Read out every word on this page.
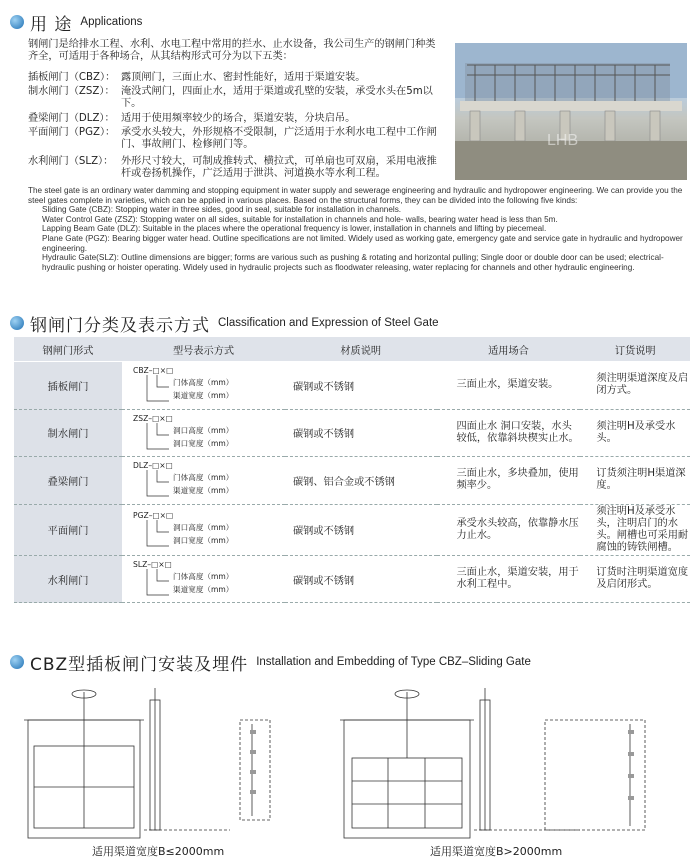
用 途 Applications

钢闸门是给排水工程、水利、水电工程中常用的拦水、止水设备，我公司生产的钢闸门种类齐全，可适用于各种场合，从其结构形式可分为以下五类：

插板闸门（CBZ）： 露顶闸门，三面止水、密封性能好，适用于渠道安装。
制水闸门（ZSZ）： 淹没式闸门，四面止水，适用于渠道或孔壁的安装，承受水头在5m以下。
叠梁闸门（DLZ）： 适用于使用频率较少的场合，渠道安装，分块启吊。
平面闸门（PGZ）： 承受水头较大，外形规格不受限制，广泛适用于水利水电工程中工作闸门、事故闸门、检修闸门等。
水利闸门（SLZ）： 外形尺寸较大，可制成推转式、横拉式，可单扇也可双扇，采用电液推杆或卷扬机操作，广泛适用于泄洪、河道换水等水利工程。
LHB

The steel gate is an ordinary water damming and stopping equipment in water supply and sewerage engineering and hydraulic and hydropower engineering. We can provide you the steel gates complete in varieties, which can be applied in various places. Based on the structural forms, they can be divided into the following five kinds:

Sliding Gate (CBZ): Stopping water in three sides, good in seal, suitable for installation in channels.

Water Control Gate (ZSZ): Stopping water on all sides, suitable for installation in channels and hole- walls, bearing water head is less than 5m.

Lapping Beam Gate (DLZ): Suitable in the places where the operational frequency is lower, installation in channels and lifting by piecemeal.

Plane Gate (PGZ): Bearing bigger water head. Outline specifications are not limited. Widely used as working gate, emergency gate and service gate in hydraulic and hydropower engineering.

Hydraulic Gate(SLZ): Outline dimensions are bigger; forms are various such as pushing & rotating and horizontal pulling; Single door or double door can be used; electrical-hydraulic pushing or hoister operating. Widely used in hydraulic projects such as floodwater releasing, water replacing for channels and other hydraulic engineering.

钢闸门分类及表示方式 Classification and Expression of Steel Gate
钢闸门形式	型号表示方式	材质说明	适用场合	订货说明
插板闸门	CBZ–□×□
门体高度（mm）
渠道宽度（mm）	碳钢或不锈钢	三面止水，渠道安装。	须注明渠道深度及启闭方式。
制水闸门	ZSZ–□×□
洞口高度（mm）
洞口宽度（mm）	碳钢或不锈钢	四面止水 洞口安装，水头较低，依靠斜块楔实止水。	须注明H及承受水头。
叠梁闸门	DLZ–□×□
门体高度（mm）
渠道宽度（mm）	碳钢、铝合金或不锈钢	三面止水，多块叠加，使用频率少。	订货须注明H渠道深度。
平面闸门	PGZ–□×□
洞口高度（mm）
洞口宽度（mm）	碳钢或不锈钢	承受水头较高，依靠静水压力止水。	须注明H及承受水头，注明启门的水头。闸槽也可采用耐腐蚀的铸铁闸槽。
水利闸门	SLZ–□×□
门体高度（mm）
渠道宽度（mm）	碳钢或不锈钢	三面止水，渠道安装，用于水利工程中。	订货时注明渠道宽度及启闭形式。
CBZ型插板闸门安装及埋件 Installation and Embedding of Type CBZ–Sliding Gate
适用渠道宽度B≤2000mm	适用渠道宽度B>2000mm
